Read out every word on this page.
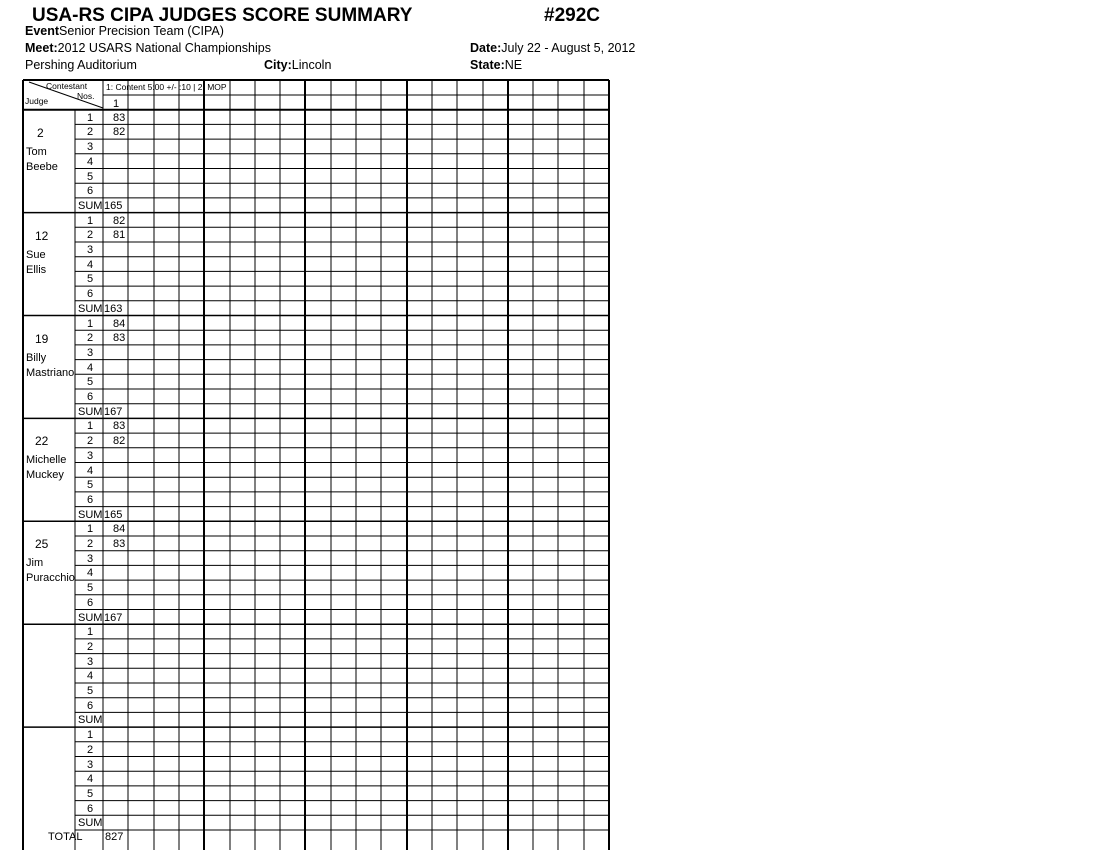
USA-RS CIPA JUDGES SCORE SUMMARY	#292C
EventSenior Precision Team (CIPA)
Meet:2012 USARS National Championships	Date:July 22 - August 5, 2012
Pershing Auditorium	City:Lincoln	State:NE
Contestant
Nos.
Judge
1: Content 5:00 +/- :10 | 2: MOP |
1
2
Tom
Beebe
1 83
2 82
3
4
5
6
SUM 165
12
Sue
Ellis
1 82
2 81
3
4
5
6
SUM 163
19
Billy
Mastriano
1 84
2 83
3
4
5
6
SUM 167
22
Michelle
Muckey
1 83
2 82
3
4
5
6
SUM 165
25
Jim
Puracchio
1 84
2 83
3
4
5
6
SUM 167
1
2
3
4
5
6
SUM
1
2
3
4
5
6
SUM
TOTAL 827
